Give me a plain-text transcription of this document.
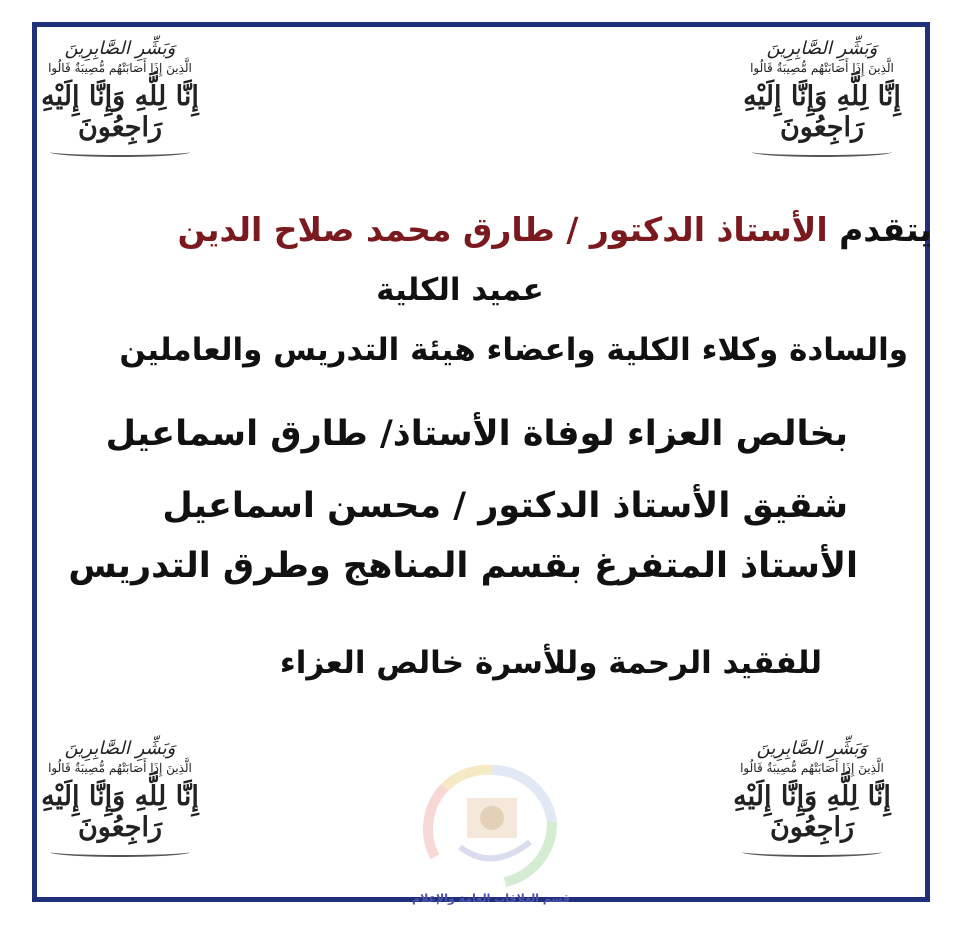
وَبَشِّرِ الصَّابِرِينَ
الَّذِينَ إِذَا أَصَابَتْهُم مُّصِيبَةٌ قَالُوا
إِنَّا لِلَّهِ وَإِنَّا إِلَيْهِ رَاجِعُونَ
وَبَشِّرِ الصَّابِرِينَ
الَّذِينَ إِذَا أَصَابَتْهُم مُّصِيبَةٌ قَالُوا
إِنَّا لِلَّهِ وَإِنَّا إِلَيْهِ رَاجِعُونَ
وَبَشِّرِ الصَّابِرِينَ
الَّذِينَ إِذَا أَصَابَتْهُم مُّصِيبَةٌ قَالُوا
إِنَّا لِلَّهِ وَإِنَّا إِلَيْهِ رَاجِعُونَ
وَبَشِّرِ الصَّابِرِينَ
الَّذِينَ إِذَا أَصَابَتْهُم مُّصِيبَةٌ قَالُوا
إِنَّا لِلَّهِ وَإِنَّا إِلَيْهِ رَاجِعُونَ
يتقدم الأستاذ الدكتور / طارق محمد صلاح الدين
عميد الكلية
والسادة وكلاء الكلية واعضاء هيئة التدريس والعاملين
بخالص العزاء لوفاة الأستاذ/ طارق اسماعيل
شقيق الأستاذ الدكتور / محسن اسماعيل
الأستاذ المتفرغ بقسم المناهج وطرق التدريس
للفقيد الرحمة وللأسرة خالص العزاء
قسم العلاقات العامة والإعلام
